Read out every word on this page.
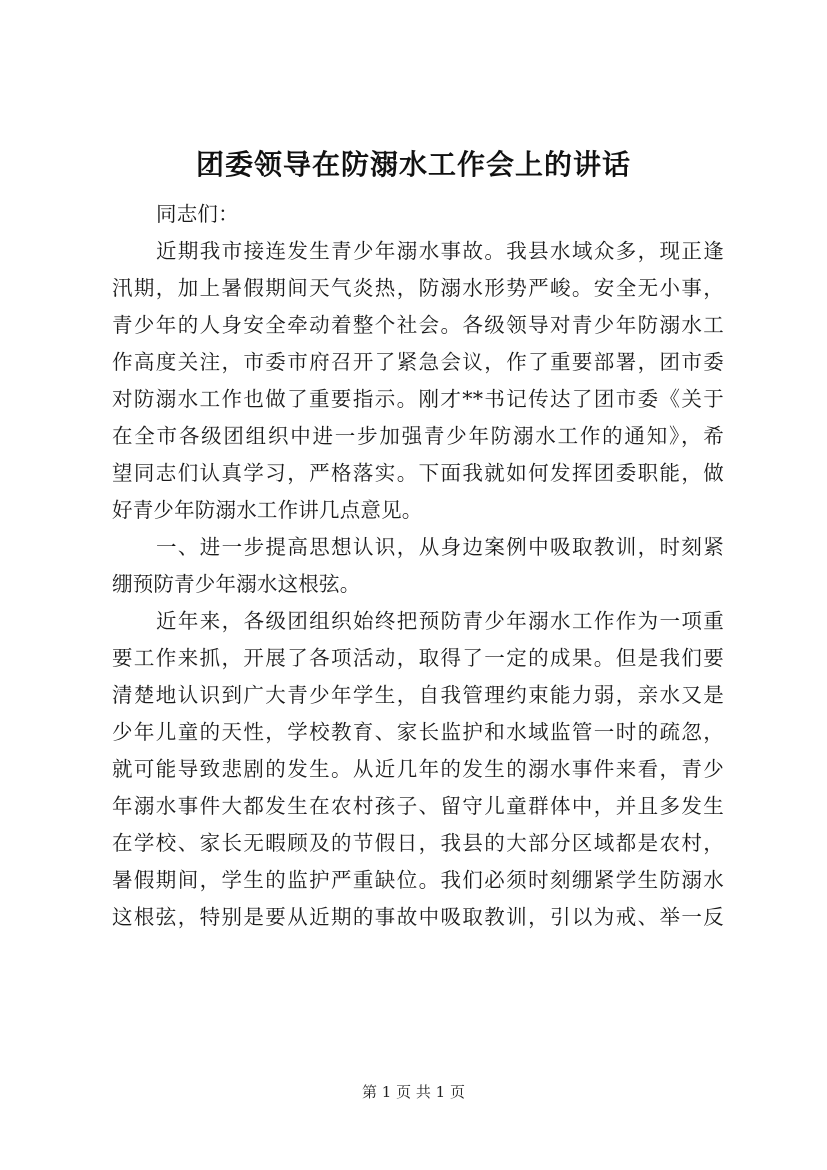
团委领导在防溺水工作会上的讲话
同志们：
近期我市接连发生青少年溺水事故。我县水域众多，现正逢
汛期，加上暑假期间天气炎热，防溺水形势严峻。安全无小事，
青少年的人身安全牵动着整个社会。各级领导对青少年防溺水工
作高度关注，市委市府召开了紧急会议，作了重要部署，团市委
对防溺水工作也做了重要指示。刚才**书记传达了团市委《关于
在全市各级团组织中进一步加强青少年防溺水工作的通知》，希
望同志们认真学习，严格落实。下面我就如何发挥团委职能，做
好青少年防溺水工作讲几点意见。
一、进一步提高思想认识，从身边案例中吸取教训，时刻紧
绷预防青少年溺水这根弦。
近年来，各级团组织始终把预防青少年溺水工作作为一项重
要工作来抓，开展了各项活动，取得了一定的成果。但是我们要
清楚地认识到广大青少年学生，自我管理约束能力弱，亲水又是
少年儿童的天性，学校教育、家长监护和水域监管一时的疏忽，
就可能导致悲剧的发生。从近几年的发生的溺水事件来看，青少
年溺水事件大都发生在农村孩子、留守儿童群体中，并且多发生
在学校、家长无暇顾及的节假日，我县的大部分区域都是农村，
暑假期间，学生的监护严重缺位。我们必须时刻绷紧学生防溺水
这根弦，特别是要从近期的事故中吸取教训，引以为戒、举一反
第 1 页 共 1 页
